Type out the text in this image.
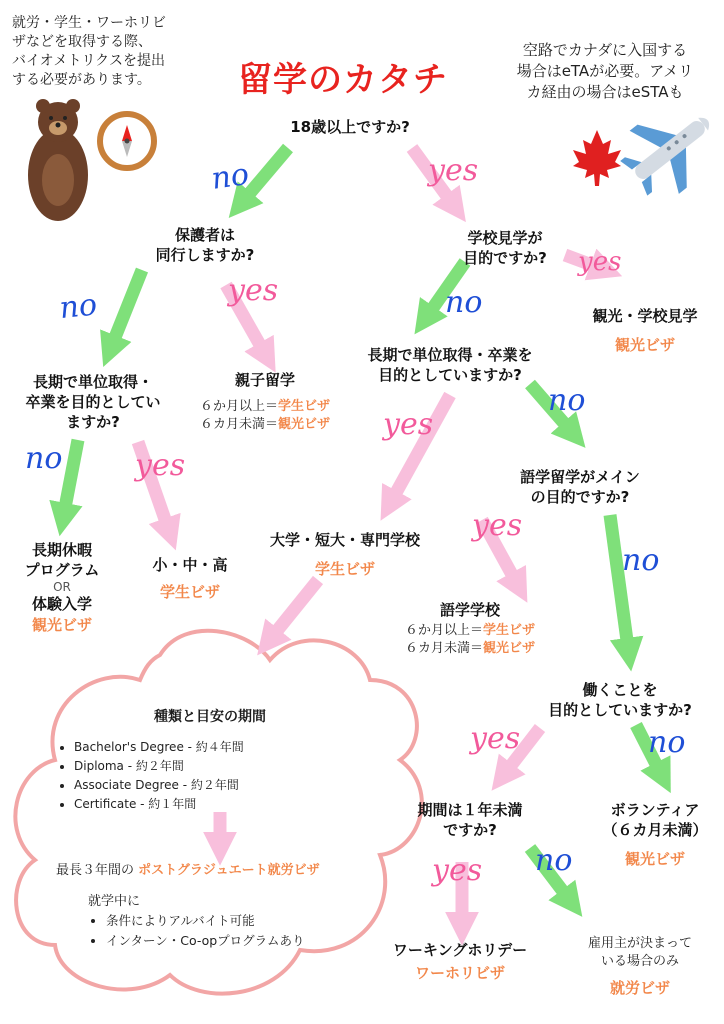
no	yes
no	yes	no
yes
no
yes
no yes
yes
no
yes	no
no
yes
就労・学生・ワーホリビ
ザなどを取得する際、
バイオメトリクスを提出
する必要があります。	留学のカタチ
空路でカナダに入国する
場合はeTAが必要。アメリ
カ経由の場合はeSTAも
18歳以上ですか?
保護者は
同行しますか?
学校見学が
目的ですか?
観光・学校見学
観光ビザ
長期で単位取得・卒業を
目的としていますか?
長期で単位取得・
卒業を目的としてい
ますか?
親子留学
６か月以上＝学生ビザ
６カ月未満＝観光ビザ
語学留学がメイン
の目的ですか?
長期休暇
プログラム
OR
体験入学
観光ビザ
小・中・高
学生ビザ
大学・短大・専門学校
学生ビザ
語学学校
６か月以上＝学生ビザ
６カ月未満＝観光ビザ
働くことを
目的としていますか?
期間は１年未満
ですか?
ボランティア
（６カ月未満）
観光ビザ
ワーキングホリデー
ワーホリビザ
雇用主が決まって
いる場合のみ
就労ビザ
種類と目安の期間
• Bachelor's Degree - 約４年間
• Diploma - 約２年間
• Associate Degree - 約２年間
• Certificate - 約１年間
最長３年間の ポストグラジュエート就労ビザ
就学中に
• 条件によりアルバイト可能
• インターン・Co-opプログラムあり
